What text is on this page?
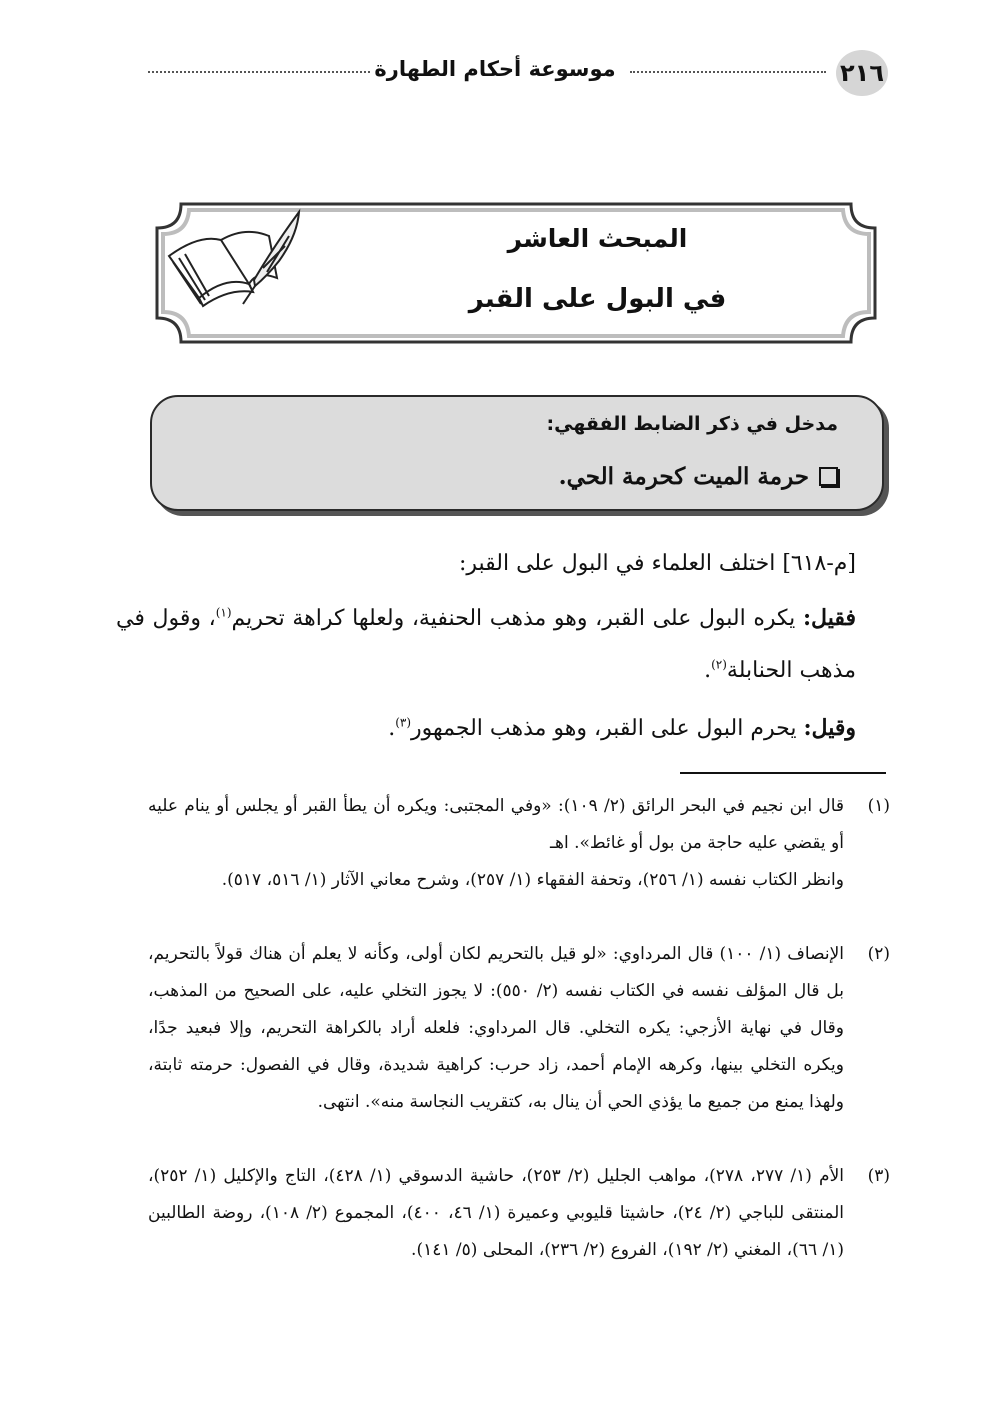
٢١٦
موسوعة أحكام الطهارة
المبحث العاشر
في البول على القبر
مدخل في ذكر الضابط الفقهي:
حرمة الميت كحرمة الحي.
[م-٦١٨] اختلف العلماء في البول على القبر:
فقيل: يكره البول على القبر، وهو مذهب الحنفية، ولعلها كراهة تحريم$^{(١)}$، وقول في مذهب الحنابلة$^{(٢)}$.
وقيل: يحرم البول على القبر، وهو مذهب الجمهور$^{(٣)}$.
(١)

قال ابن نجيم في البحر الرائق (٢/ ١٠٩): «وفي المجتبى: ويكره أن يطأ القبر أو يجلس أو ينام عليه أو يقضي عليه حاجة من بول أو غائط». اهـ

وانظر الكتاب نفسه (١/ ٢٥٦)، وتحفة الفقهاء (١/ ٢٥٧)، وشرح معاني الآثار (١/ ٥١٦، ٥١٧).

(٢)

الإنصاف (١/ ١٠٠) قال المرداوي: «لو قيل بالتحريم لكان أولى، وكأنه لا يعلم أن هناك قولاً بالتحريم، بل قال المؤلف نفسه في الكتاب نفسه (٢/ ٥٥٠): لا يجوز التخلي عليه، على الصحيح من المذهب، وقال في نهاية الأزجي: يكره التخلي. قال المرداوي: فلعله أراد بالكراهة التحريم، وإلا فبعيد جدًا، ويكره التخلي بينها، وكرهه الإمام أحمد، زاد حرب: كراهية شديدة، وقال في الفصول: حرمته ثابتة، ولهذا يمنع من جميع ما يؤذي الحي أن ينال به، كتقريب النجاسة منه». انتهى.

(٣)

الأم (١/ ٢٧٧، ٢٧٨)، مواهب الجليل (٢/ ٢٥٣)، حاشية الدسوقي (١/ ٤٢٨)، التاج والإكليل (١/ ٢٥٢)، المنتقى للباجي (٢/ ٢٤)، حاشيتا قليوبي وعميرة (١/ ٤٦، ٤٠٠)، المجموع (٢/ ١٠٨)، روضة الطالبين (١/ ٦٦)، المغني (٢/ ١٩٢)، الفروع (٢/ ٢٣٦)، المحلى (٥/ ١٤١).
